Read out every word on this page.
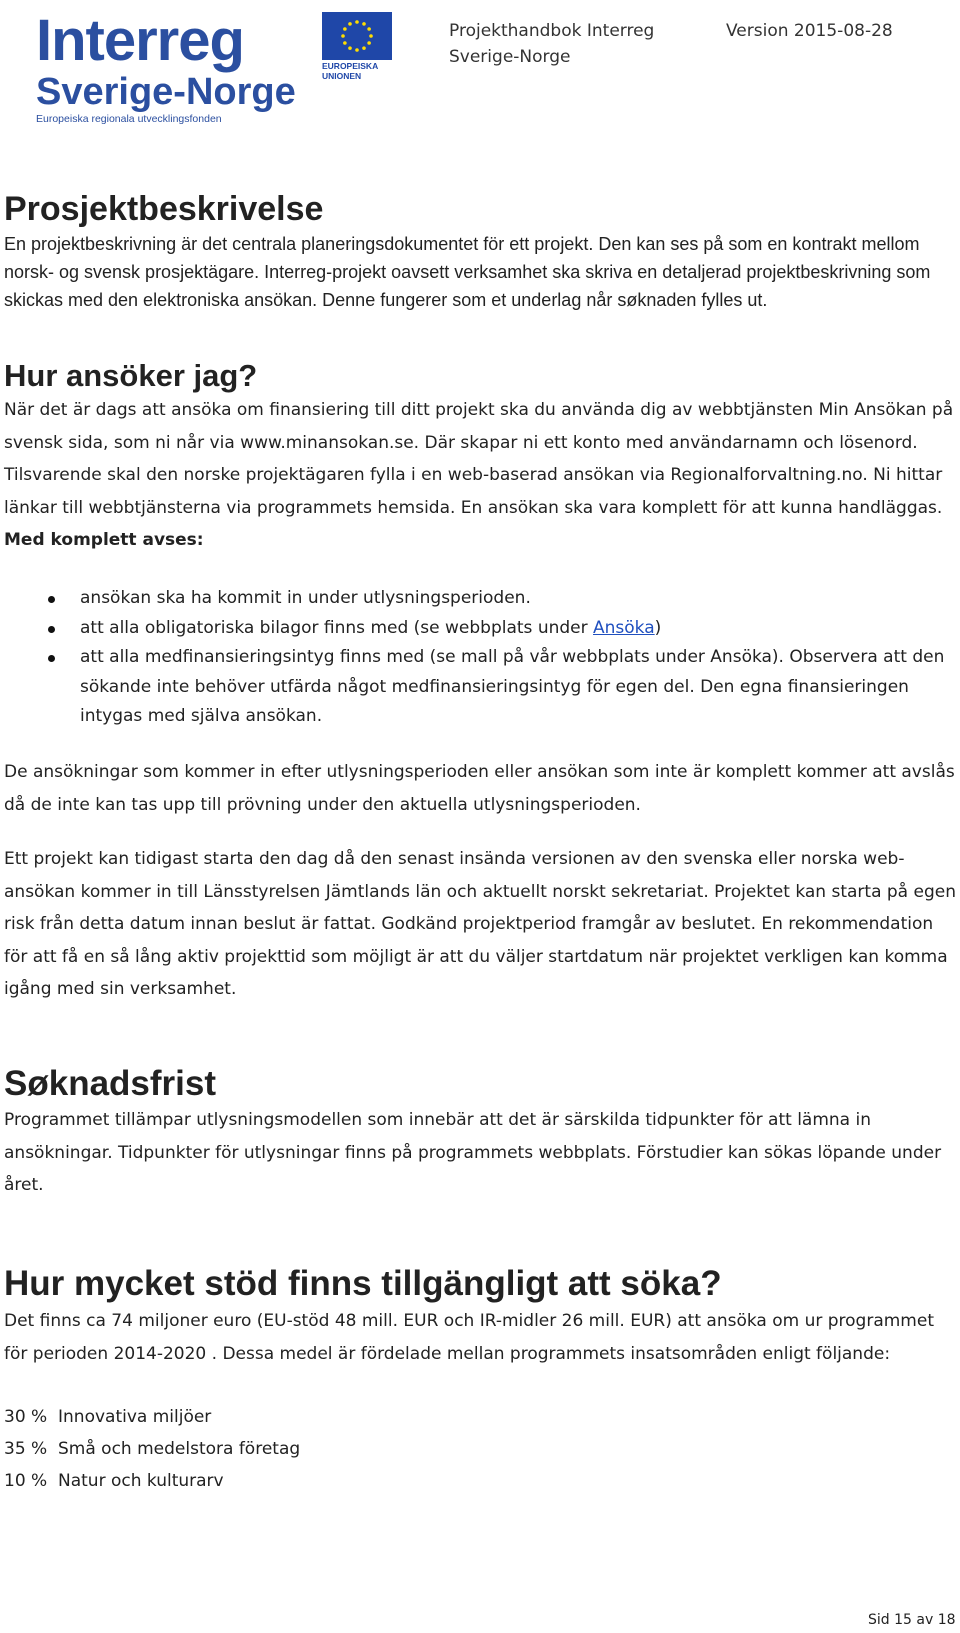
Interreg
Sverige-Norge
Europeiska regionala utvecklingsfonden
EUROPEISKA
UNIONEN
Projekthandbok Interreg
Sverige-Norge
Version 2015-08-28
Prosjektbeskrivelse

En projektbeskrivning är det centrala planeringsdokumentet för ett projekt. Den kan ses på som en kontrakt mellom norsk- og svensk prosjektägare. Interreg-projekt oavsett verksamhet ska skriva en detaljerad projektbeskrivning som skickas med den elektroniska ansökan. Denne fungerer som et underlag når søknaden fylles ut.

Hur ansöker jag?

När det är dags att ansöka om finansiering till ditt projekt ska du använda dig av webbtjänsten Min Ansökan på svensk sida, som ni når via www.minansokan.se. Där skapar ni ett konto med användarnamn och lösenord. Tilsvarende skal den norske projektägaren fylla i en web-baserad ansökan via Regionalforvaltning.no. Ni hittar länkar till webbtjänsterna via programmets hemsida. En ansökan ska vara komplett för att kunna handläggas. Med komplett avses:

ansökan ska ha kommit in under utlysningsperioden.
att alla obligatoriska bilagor finns med (se webbplats under Ansöka)
att alla medfinansieringsintyg finns med (se mall på vår webbplats under Ansöka). Observera att den sökande inte behöver utfärda något medfinansieringsintyg för egen del. Den egna finansieringen intygas med själva ansökan.

De ansökningar som kommer in efter utlysningsperioden eller ansökan som inte är komplett kommer att avslås då de inte kan tas upp till prövning under den aktuella utlysningsperioden.

Ett projekt kan tidigast starta den dag då den senast insända versionen av den svenska eller norska web-ansökan kommer in till Länsstyrelsen Jämtlands län och aktuellt norskt sekretariat. Projektet kan starta på egen risk från detta datum innan beslut är fattat. Godkänd projektperiod framgår av beslutet. En rekommendation för att få en så lång aktiv projekttid som möjligt är att du väljer startdatum när projektet verkligen kan komma igång med sin verksamhet.

Søknadsfrist

Programmet tillämpar utlysningsmodellen som innebär att det är särskilda tidpunkter för att lämna in ansökningar. Tidpunkter för utlysningar finns på programmets webbplats. Förstudier kan sökas löpande under året.

Hur mycket stöd finns tillgängligt att söka?

Det finns ca 74 miljoner euro (EU-stöd 48 mill. EUR och IR-midler 26 mill. EUR) att ansöka om ur programmet för perioden 2014-2020 . Dessa medel är fördelade mellan programmets insatsområden enligt följande:

30 % Innovativa miljöer
35 % Små och medelstora företag
10 % Natur och kulturarv
Sid 15 av 18
